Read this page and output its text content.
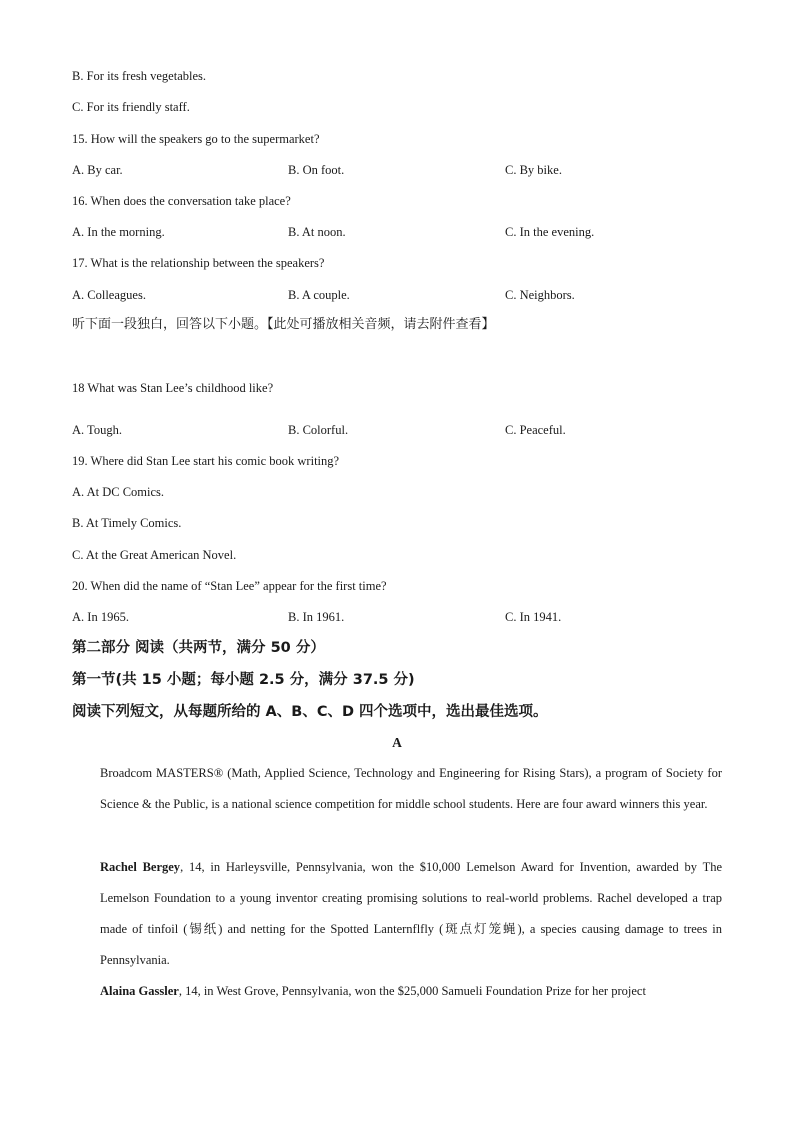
B. For its fresh vegetables.
C. For its friendly staff.
15. How will the speakers go to the supermarket?
A. By car.	B. On foot.	C. By bike.
16. When does the conversation take place?
A. In the morning.	B. At noon.	C. In the evening.
17. What is the relationship between the speakers?
A. Colleagues.	B. A couple.	C. Neighbors.
听下面一段独白，回答以下小题。【此处可播放相关音频，请去附件查看】
18 What was Stan Lee’s childhood like?
A. Tough.	B. Colorful.	C. Peaceful.
19. Where did Stan Lee start his comic book writing?
A. At DC Comics.
B. At Timely Comics.
C. At the Great American Novel.
20. When did the name of “Stan Lee” appear for the first time?
A. In 1965.	B. In 1961.	C. In 1941.
第二部分 阅读（共两节，满分 50 分）
第一节(共 15 小题；每小题 2.5 分，满分 37.5 分)
阅读下列短文，从每题所给的 A、B、C、D 四个选项中，选出最佳选项。
A
Broadcom MASTERS® (Math, Applied Science, Technology and Engineering for Rising Stars), a program of Society for Science & the Public, is a national science competition for middle school students. Here are four award winners this year.
Rachel Bergey, 14, in Harleysville, Pennsylvania, won the $10,000 Lemelson Award for Invention, awarded by The Lemelson Foundation to a young inventor creating promising solutions to real-world problems. Rachel developed a trap made of tinfoil (锡纸) and netting for the Spotted Lanternflfly (斑点灯笼蝇), a species causing damage to trees in Pennsylvania.
Alaina Gassler, 14, in West Grove, Pennsylvania, won the $25,000 Samueli Foundation Prize for her project
